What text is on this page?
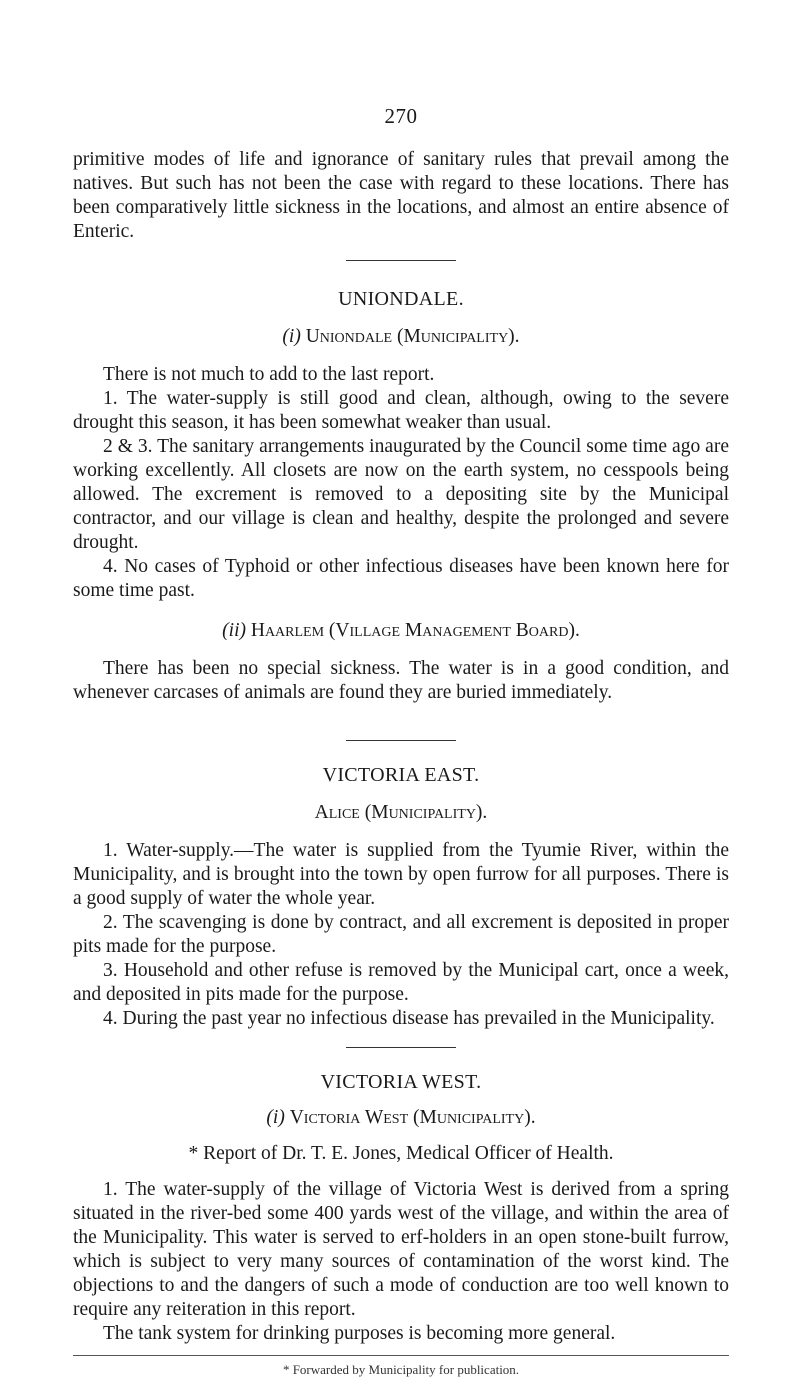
270

primitive modes of life and ignorance of sanitary rules that prevail among the natives. But such has not been the case with regard to these locations. There has been comparatively little sickness in the locations, and almost an entire absence of Enteric.

UNIONDALE.
(i) Uniondale (Municipality).

There is not much to add to the last report.

1. The water-supply is still good and clean, although, owing to the severe drought this season, it has been somewhat weaker than usual.

2 & 3. The sanitary arrangements inaugurated by the Council some time ago are working excellently. All closets are now on the earth system, no cesspools being allowed. The excrement is removed to a depositing site by the Municipal contractor, and our village is clean and healthy, despite the prolonged and severe drought.

4. No cases of Typhoid or other infectious diseases have been known here for some time past.

(ii) Haarlem (Village Management Board).

There has been no special sickness. The water is in a good condition, and whenever carcases of animals are found they are buried immediately.

VICTORIA EAST.
Alice (Municipality).

1. Water-supply.—The water is supplied from the Tyumie River, within the Municipality, and is brought into the town by open furrow for all purposes. There is a good supply of water the whole year.

2. The scavenging is done by contract, and all excrement is deposited in proper pits made for the purpose.

3. Household and other refuse is removed by the Municipal cart, once a week, and deposited in pits made for the purpose.

4. During the past year no infectious disease has prevailed in the Municipality.

VICTORIA WEST.
(i) Victoria West (Municipality).
* Report of Dr. T. E. Jones, Medical Officer of Health.

1. The water-supply of the village of Victoria West is derived from a spring situated in the river-bed some 400 yards west of the village, and within the area of the Municipality. This water is served to erf-holders in an open stone-built furrow, which is subject to very many sources of contamination of the worst kind. The objections to and the dangers of such a mode of conduction are too well known to require any reiteration in this report.

The tank system for drinking purposes is becoming more general.

* Forwarded by Municipality for publication.
